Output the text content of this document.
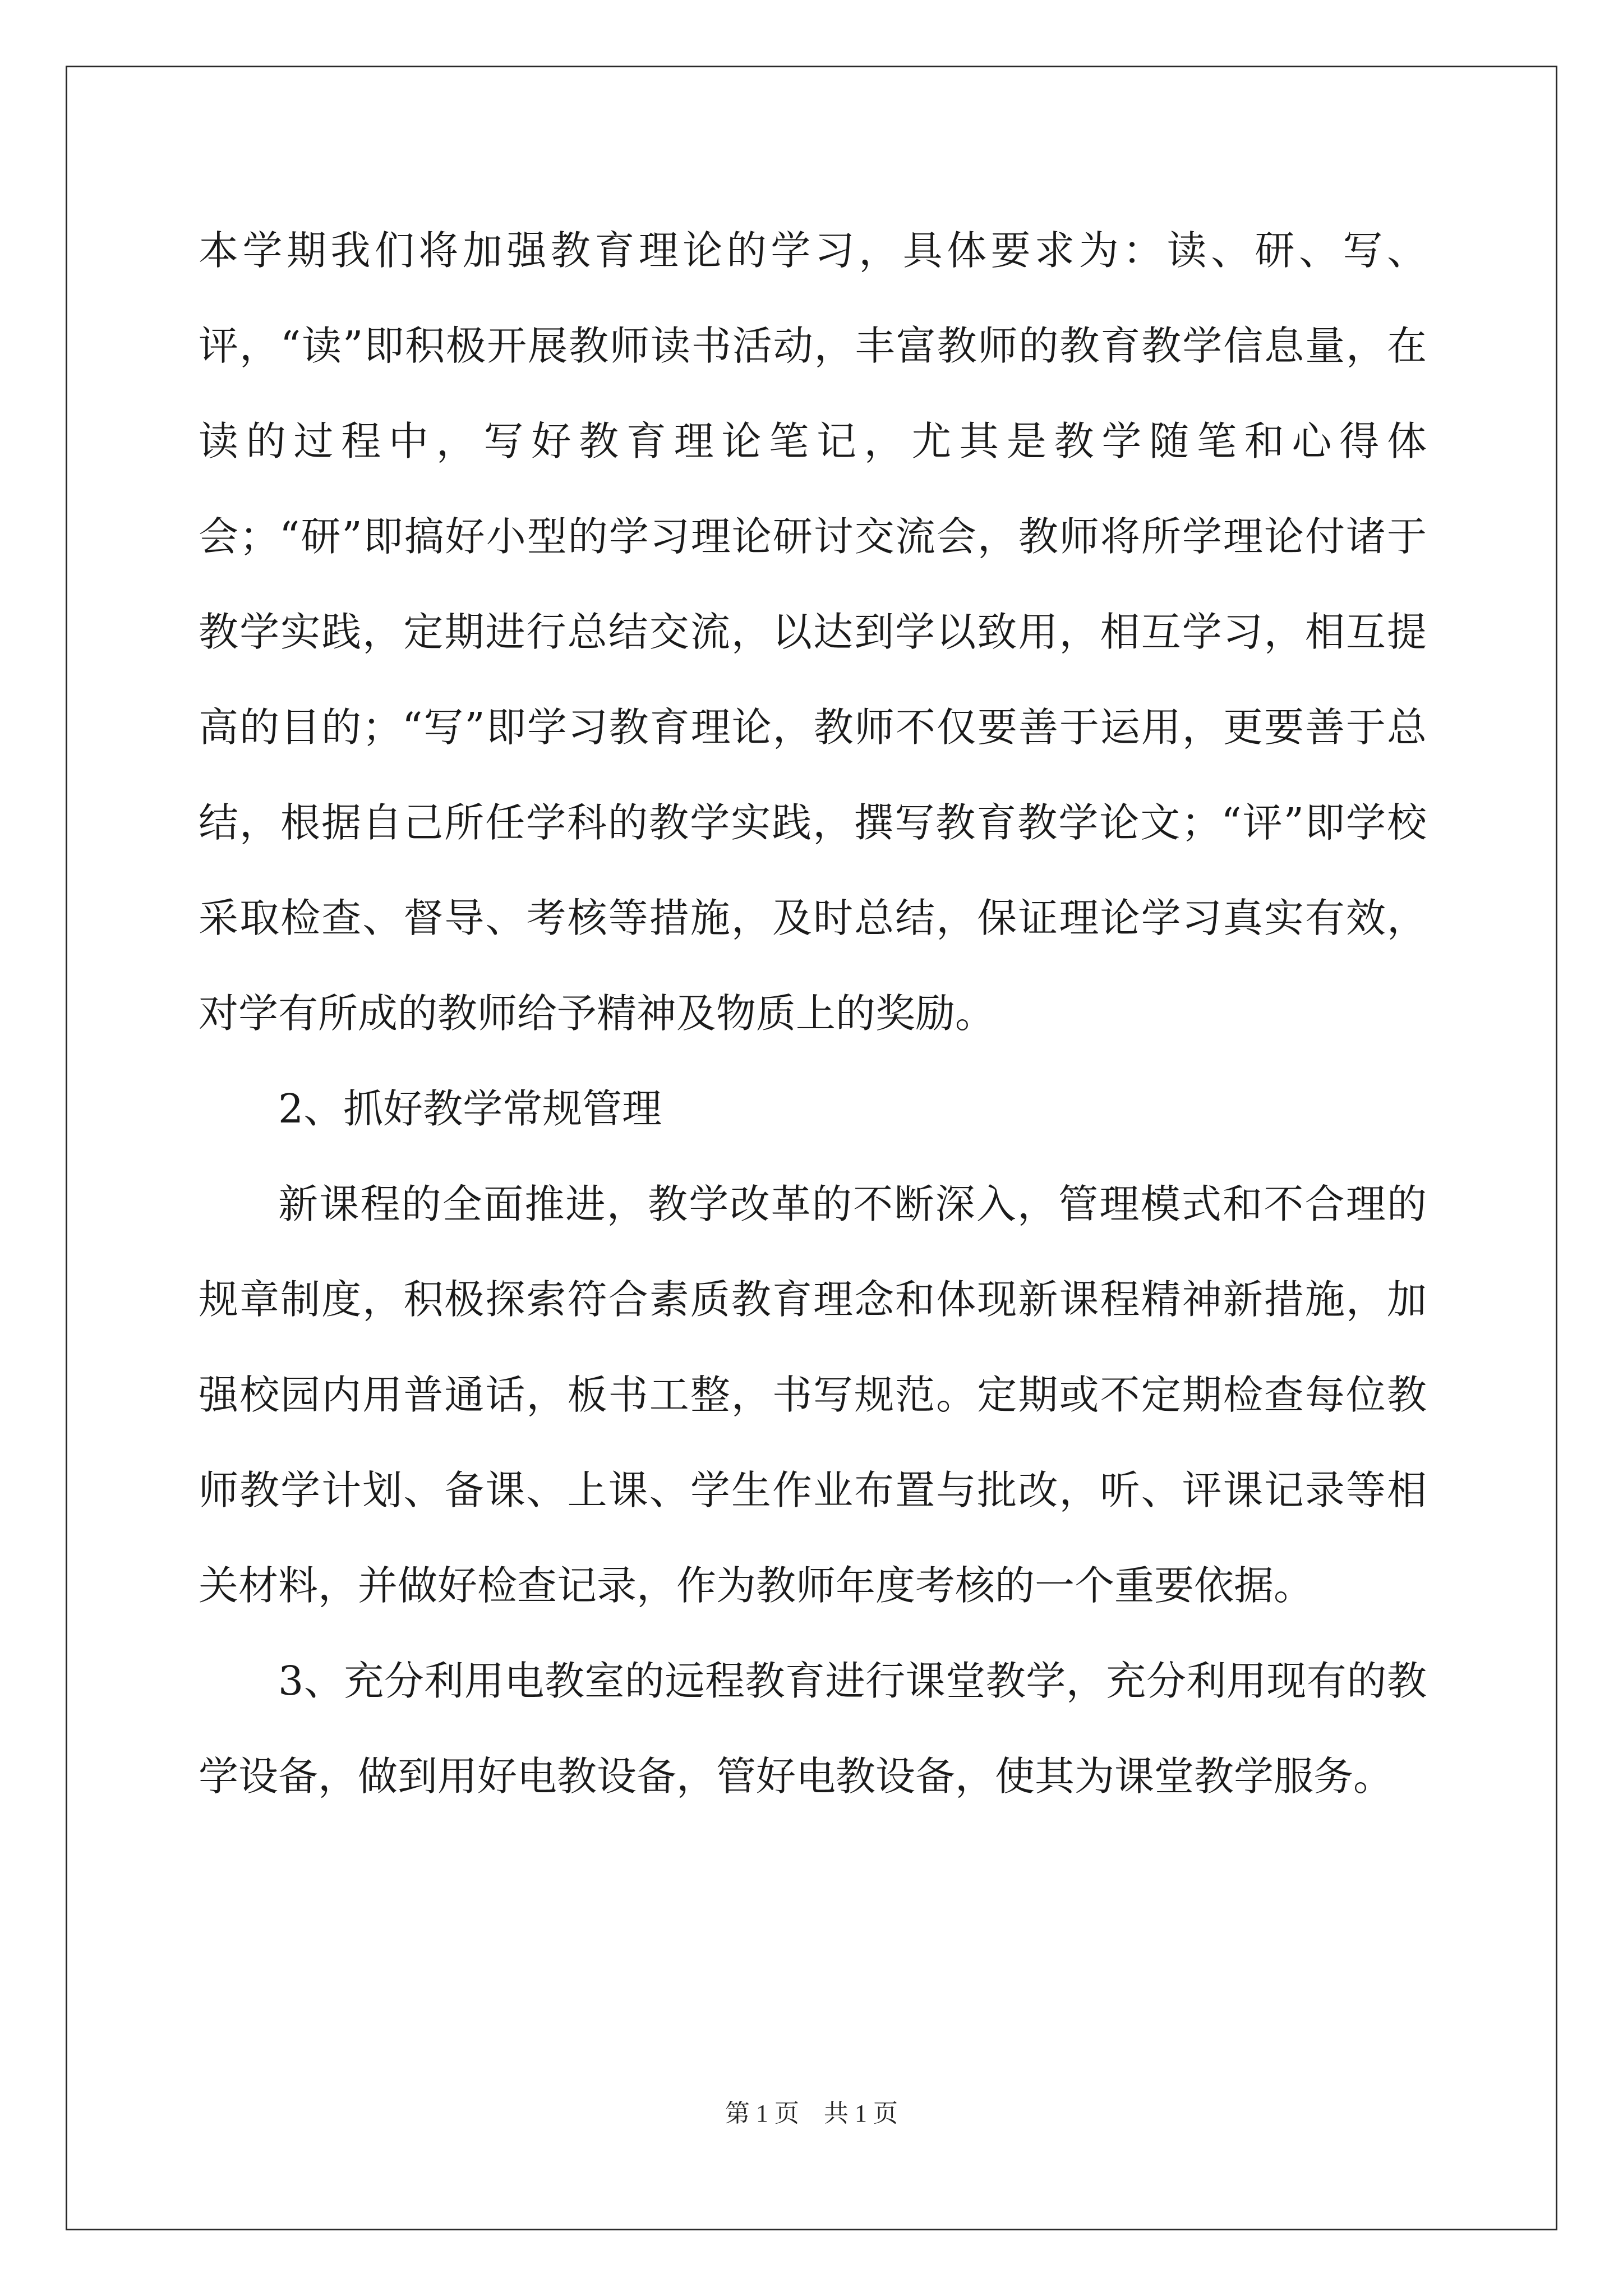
本学期我们将加强教育理论的学习，具体要求为：读、研、写、评，“读”即积极开展教师读书活动，丰富教师的教育教学信息量，在读的过程中，写好教育理论笔记，尤其是教学随笔和心得体会；“研”即搞好小型的学习理论研讨交流会，教师将所学理论付诸于教学实践，定期进行总结交流，以达到学以致用，相互学习，相互提高的目的；“写”即学习教育理论，教师不仅要善于运用，更要善于总结，根据自己所任学科的教学实践，撰写教育教学论文；“评”即学校采取检查、督导、考核等措施，及时总结，保证理论学习真实有效，对学有所成的教师给予精神及物质上的奖励。

2、抓好教学常规管理

新课程的全面推进，教学改革的不断深入，管理模式和不合理的规章制度，积极探索符合素质教育理念和体现新课程精神新措施，加强校园内用普通话，板书工整，书写规范。定期或不定期检查每位教师教学计划、备课、上课、学生作业布置与批改，听、评课记录等相关材料，并做好检查记录，作为教师年度考核的一个重要依据。

3、充分利用电教室的远程教育进行课堂教学，充分利用现有的教学设备，做到用好电教设备，管好电教设备，使其为课堂教学服务。

第 1 页　共 1 页
